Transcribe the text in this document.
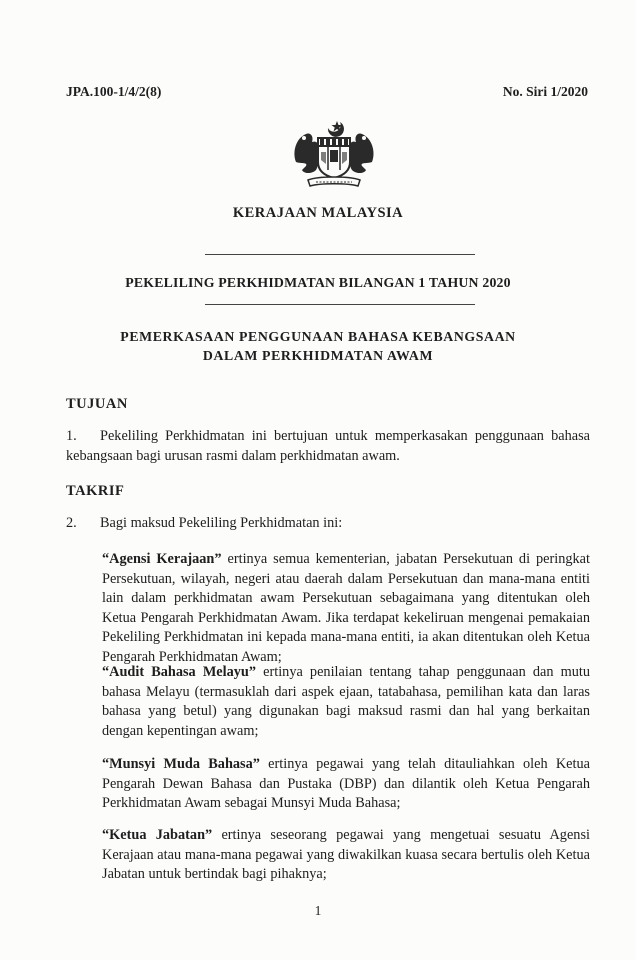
JPA.100-1/4/2(8)	No. Siri 1/2020
KERAJAAN MALAYSIA
PEKELILING PERKHIDMATAN BILANGAN 1 TAHUN 2020
PEMERKASAAN PENGGUNAAN BAHASA KEBANGSAAN
DALAM PERKHIDMATAN AWAM
TUJUAN
1. Pekeliling Perkhidmatan ini bertujuan untuk memperkasakan penggunaan bahasa kebangsaan bagi urusan rasmi dalam perkhidmatan awam.
TAKRIF
2. Bagi maksud Pekeliling Perkhidmatan ini:
“Agensi Kerajaan” ertinya semua kementerian, jabatan Persekutuan di peringkat Persekutuan, wilayah, negeri atau daerah dalam Persekutuan dan mana-mana entiti lain dalam perkhidmatan awam Persekutuan sebagaimana yang ditentukan oleh Ketua Pengarah Perkhidmatan Awam. Jika terdapat kekeliruan mengenai pemakaian Pekeliling Perkhidmatan ini kepada mana-mana entiti, ia akan ditentukan oleh Ketua Pengarah Perkhidmatan Awam;
“Audit Bahasa Melayu” ertinya penilaian tentang tahap penggunaan dan mutu bahasa Melayu (termasuklah dari aspek ejaan, tatabahasa, pemilihan kata dan laras bahasa yang betul) yang digunakan bagi maksud rasmi dan hal yang berkaitan dengan kepentingan awam;
“Munsyi Muda Bahasa” ertinya pegawai yang telah ditauliahkan oleh Ketua Pengarah Dewan Bahasa dan Pustaka (DBP) dan dilantik oleh Ketua Pengarah Perkhidmatan Awam sebagai Munsyi Muda Bahasa;
“Ketua Jabatan” ertinya seseorang pegawai yang mengetuai sesuatu Agensi Kerajaan atau mana-mana pegawai yang diwakilkan kuasa secara bertulis oleh Ketua Jabatan untuk bertindak bagi pihaknya;
1
